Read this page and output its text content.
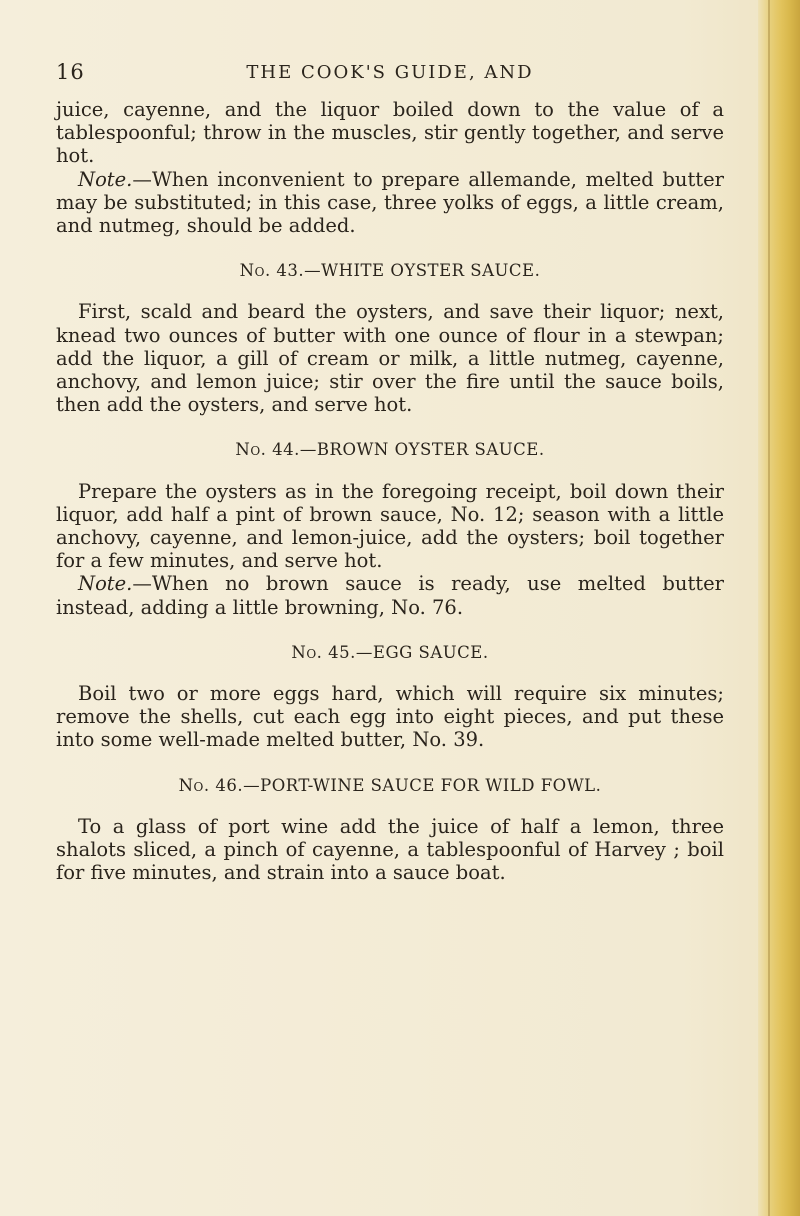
16	THE COOK'S GUIDE, AND

juice, cayenne, and the liquor boiled down to the value of a tablespoonful; throw in the muscles, stir gently together, and serve hot.

Note.—When inconvenient to prepare allemande, melted butter may be substituted; in this case, three yolks of eggs, a little cream, and nutmeg, should be added.

No. 43.—WHITE OYSTER SAUCE.

First, scald and beard the oysters, and save their liquor; next, knead two ounces of butter with one ounce of flour in a stewpan; add the liquor, a gill of cream or milk, a little nutmeg, cayenne, anchovy, and lemon juice; stir over the fire until the sauce boils, then add the oysters, and serve hot.

No. 44.—BROWN OYSTER SAUCE.

Prepare the oysters as in the foregoing receipt, boil down their liquor, add half a pint of brown sauce, No. 12; season with a little anchovy, cayenne, and lemon-juice, add the oysters; boil together for a few minutes, and serve hot.

Note.—When no brown sauce is ready, use melted butter instead, adding a little browning, No. 76.

No. 45.—EGG SAUCE.

Boil two or more eggs hard, which will require six minutes; remove the shells, cut each egg into eight pieces, and put these into some well-made melted butter, No. 39.

No. 46.—PORT-WINE SAUCE FOR WILD FOWL.

To a glass of port wine add the juice of half a lemon, three shalots sliced, a pinch of cayenne, a tablespoonful of Harvey ; boil for five minutes, and strain into a sauce boat.
